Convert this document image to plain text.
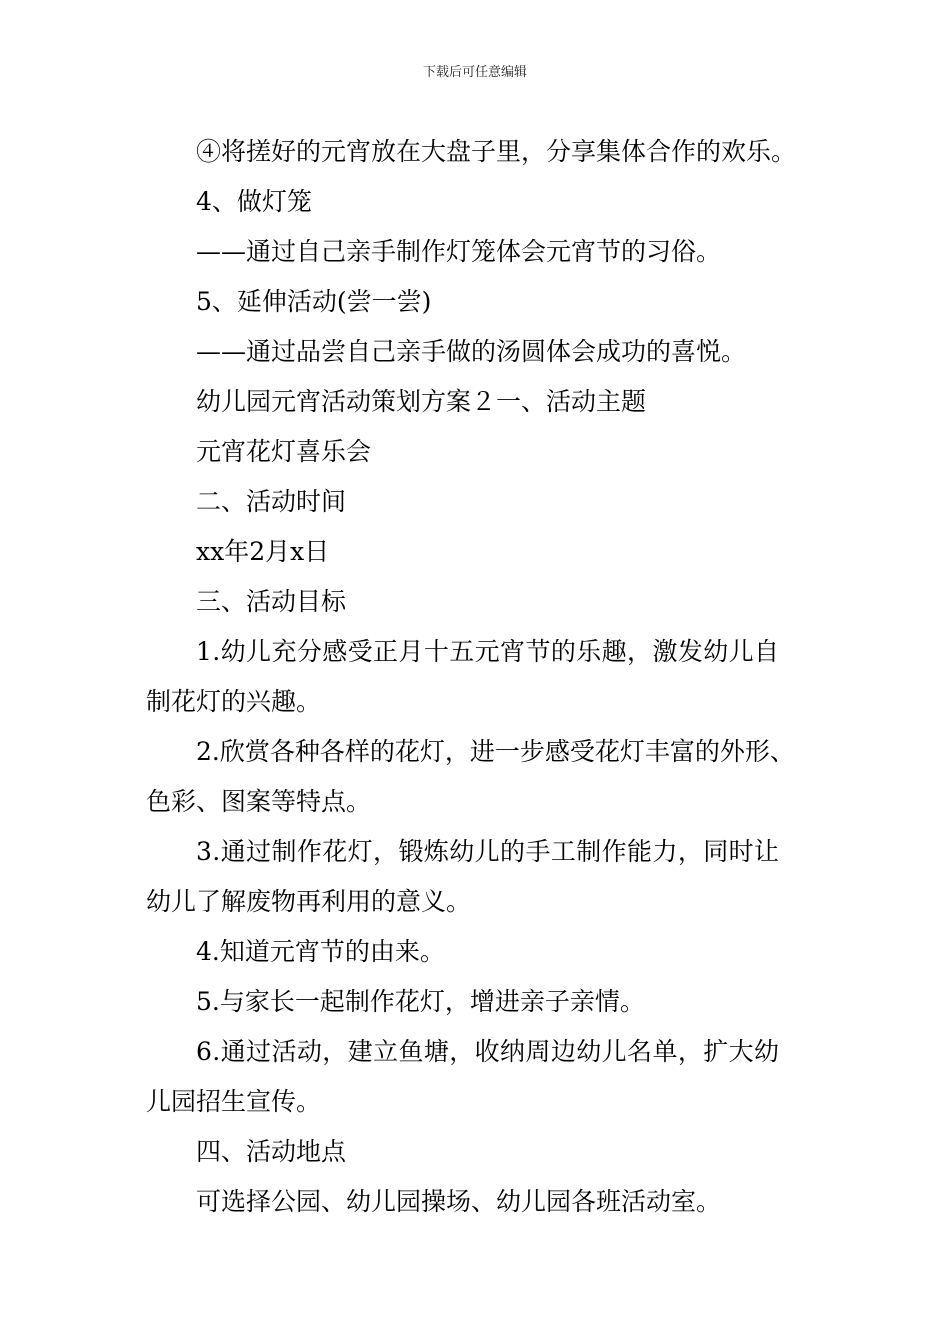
下载后可任意编辑
④将搓好的元宵放在大盘子里，分享集体合作的欢乐。
4、做灯笼
——通过自己亲手制作灯笼体会元宵节的习俗。
5、延伸活动(尝一尝)
——通过品尝自己亲手做的汤圆体会成功的喜悦。
幼儿园元宵活动策划方案２一、活动主题
元宵花灯喜乐会
二、活动时间
xx年2月x日
三、活动目标
1.幼儿充分感受正月十五元宵节的乐趣，激发幼儿自
制花灯的兴趣。
2.欣赏各种各样的花灯，进一步感受花灯丰富的外形、
色彩、图案等特点。
3.通过制作花灯，锻炼幼儿的手工制作能力，同时让
幼儿了解废物再利用的意义。
4.知道元宵节的由来。
5.与家长一起制作花灯，增进亲子亲情。
6.通过活动，建立鱼塘，收纳周边幼儿名单，扩大幼
儿园招生宣传。
四、活动地点
可选择公园、幼儿园操场、幼儿园各班活动室。
